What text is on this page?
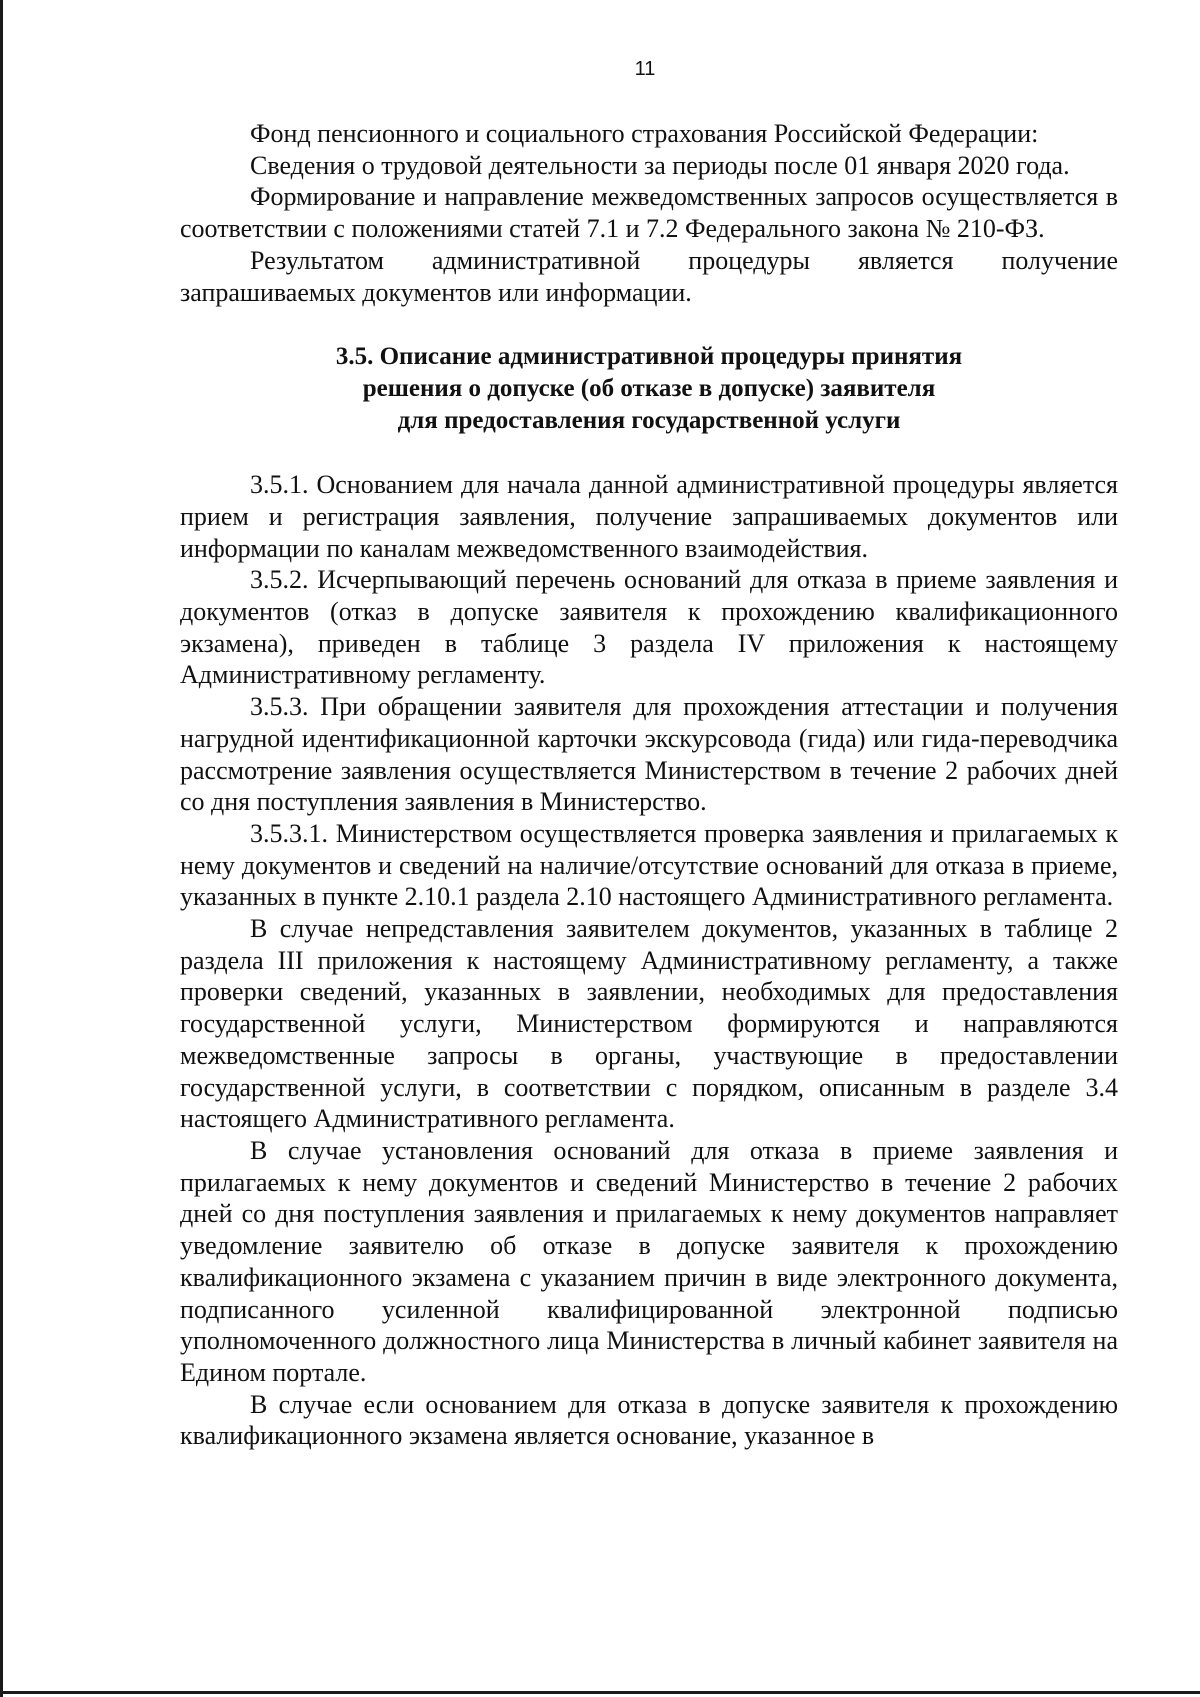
11

Фонд пенсионного и социального страхования Российской Федерации:

Сведения о трудовой деятельности за периоды после 01 января 2020 года.

Формирование и направление межведомственных запросов осуществляется в соответствии с положениями статей 7.1 и 7.2 Федерального закона № 210-ФЗ.

Результатом административной процедуры является получение запрашиваемых документов или информации.

3.5. Описание административной процедуры принятия
решения о допуске (об отказе в допуске) заявителя
для предоставления государственной услуги

3.5.1. Основанием для начала данной административной процедуры является прием и регистрация заявления, получение запрашиваемых документов или информации по каналам межведомственного взаимодействия.

3.5.2. Исчерпывающий перечень оснований для отказа в приеме заявления и документов (отказ в допуске заявителя к прохождению квалификационного экзамена), приведен в таблице 3 раздела IV приложения к настоящему Административному регламенту.

3.5.3. При обращении заявителя для прохождения аттестации и получения нагрудной идентификационной карточки экскурсовода (гида) или гида-переводчика рассмотрение заявления осуществляется Министерством в течение 2 рабочих дней со дня поступления заявления в Министерство.

3.5.3.1. Министерством осуществляется проверка заявления и прилагаемых к нему документов и сведений на наличие/отсутствие оснований для отказа в приеме, указанных в пункте 2.10.1 раздела 2.10 настоящего Административного регламента.

В случае непредставления заявителем документов, указанных в таблице 2 раздела III приложения к настоящему Административному регламенту, а также проверки сведений, указанных в заявлении, необходимых для предоставления государственной услуги, Министерством формируются и направляются межведомственные запросы в органы, участвующие в предоставлении государственной услуги, в соответствии с порядком, описанным в разделе 3.4 настоящего Административного регламента.

В случае установления оснований для отказа в приеме заявления и прилагаемых к нему документов и сведений Министерство в течение 2 рабочих дней со дня поступления заявления и прилагаемых к нему документов направляет уведомление заявителю об отказе в допуске заявителя к прохождению квалификационного экзамена с указанием причин в виде электронного документа, подписанного усиленной квалифицированной электронной подписью уполномоченного должностного лица Министерства в личный кабинет заявителя на Едином портале.

В случае если основанием для отказа в допуске заявителя к прохождению квалификационного экзамена является основание, указанное в
